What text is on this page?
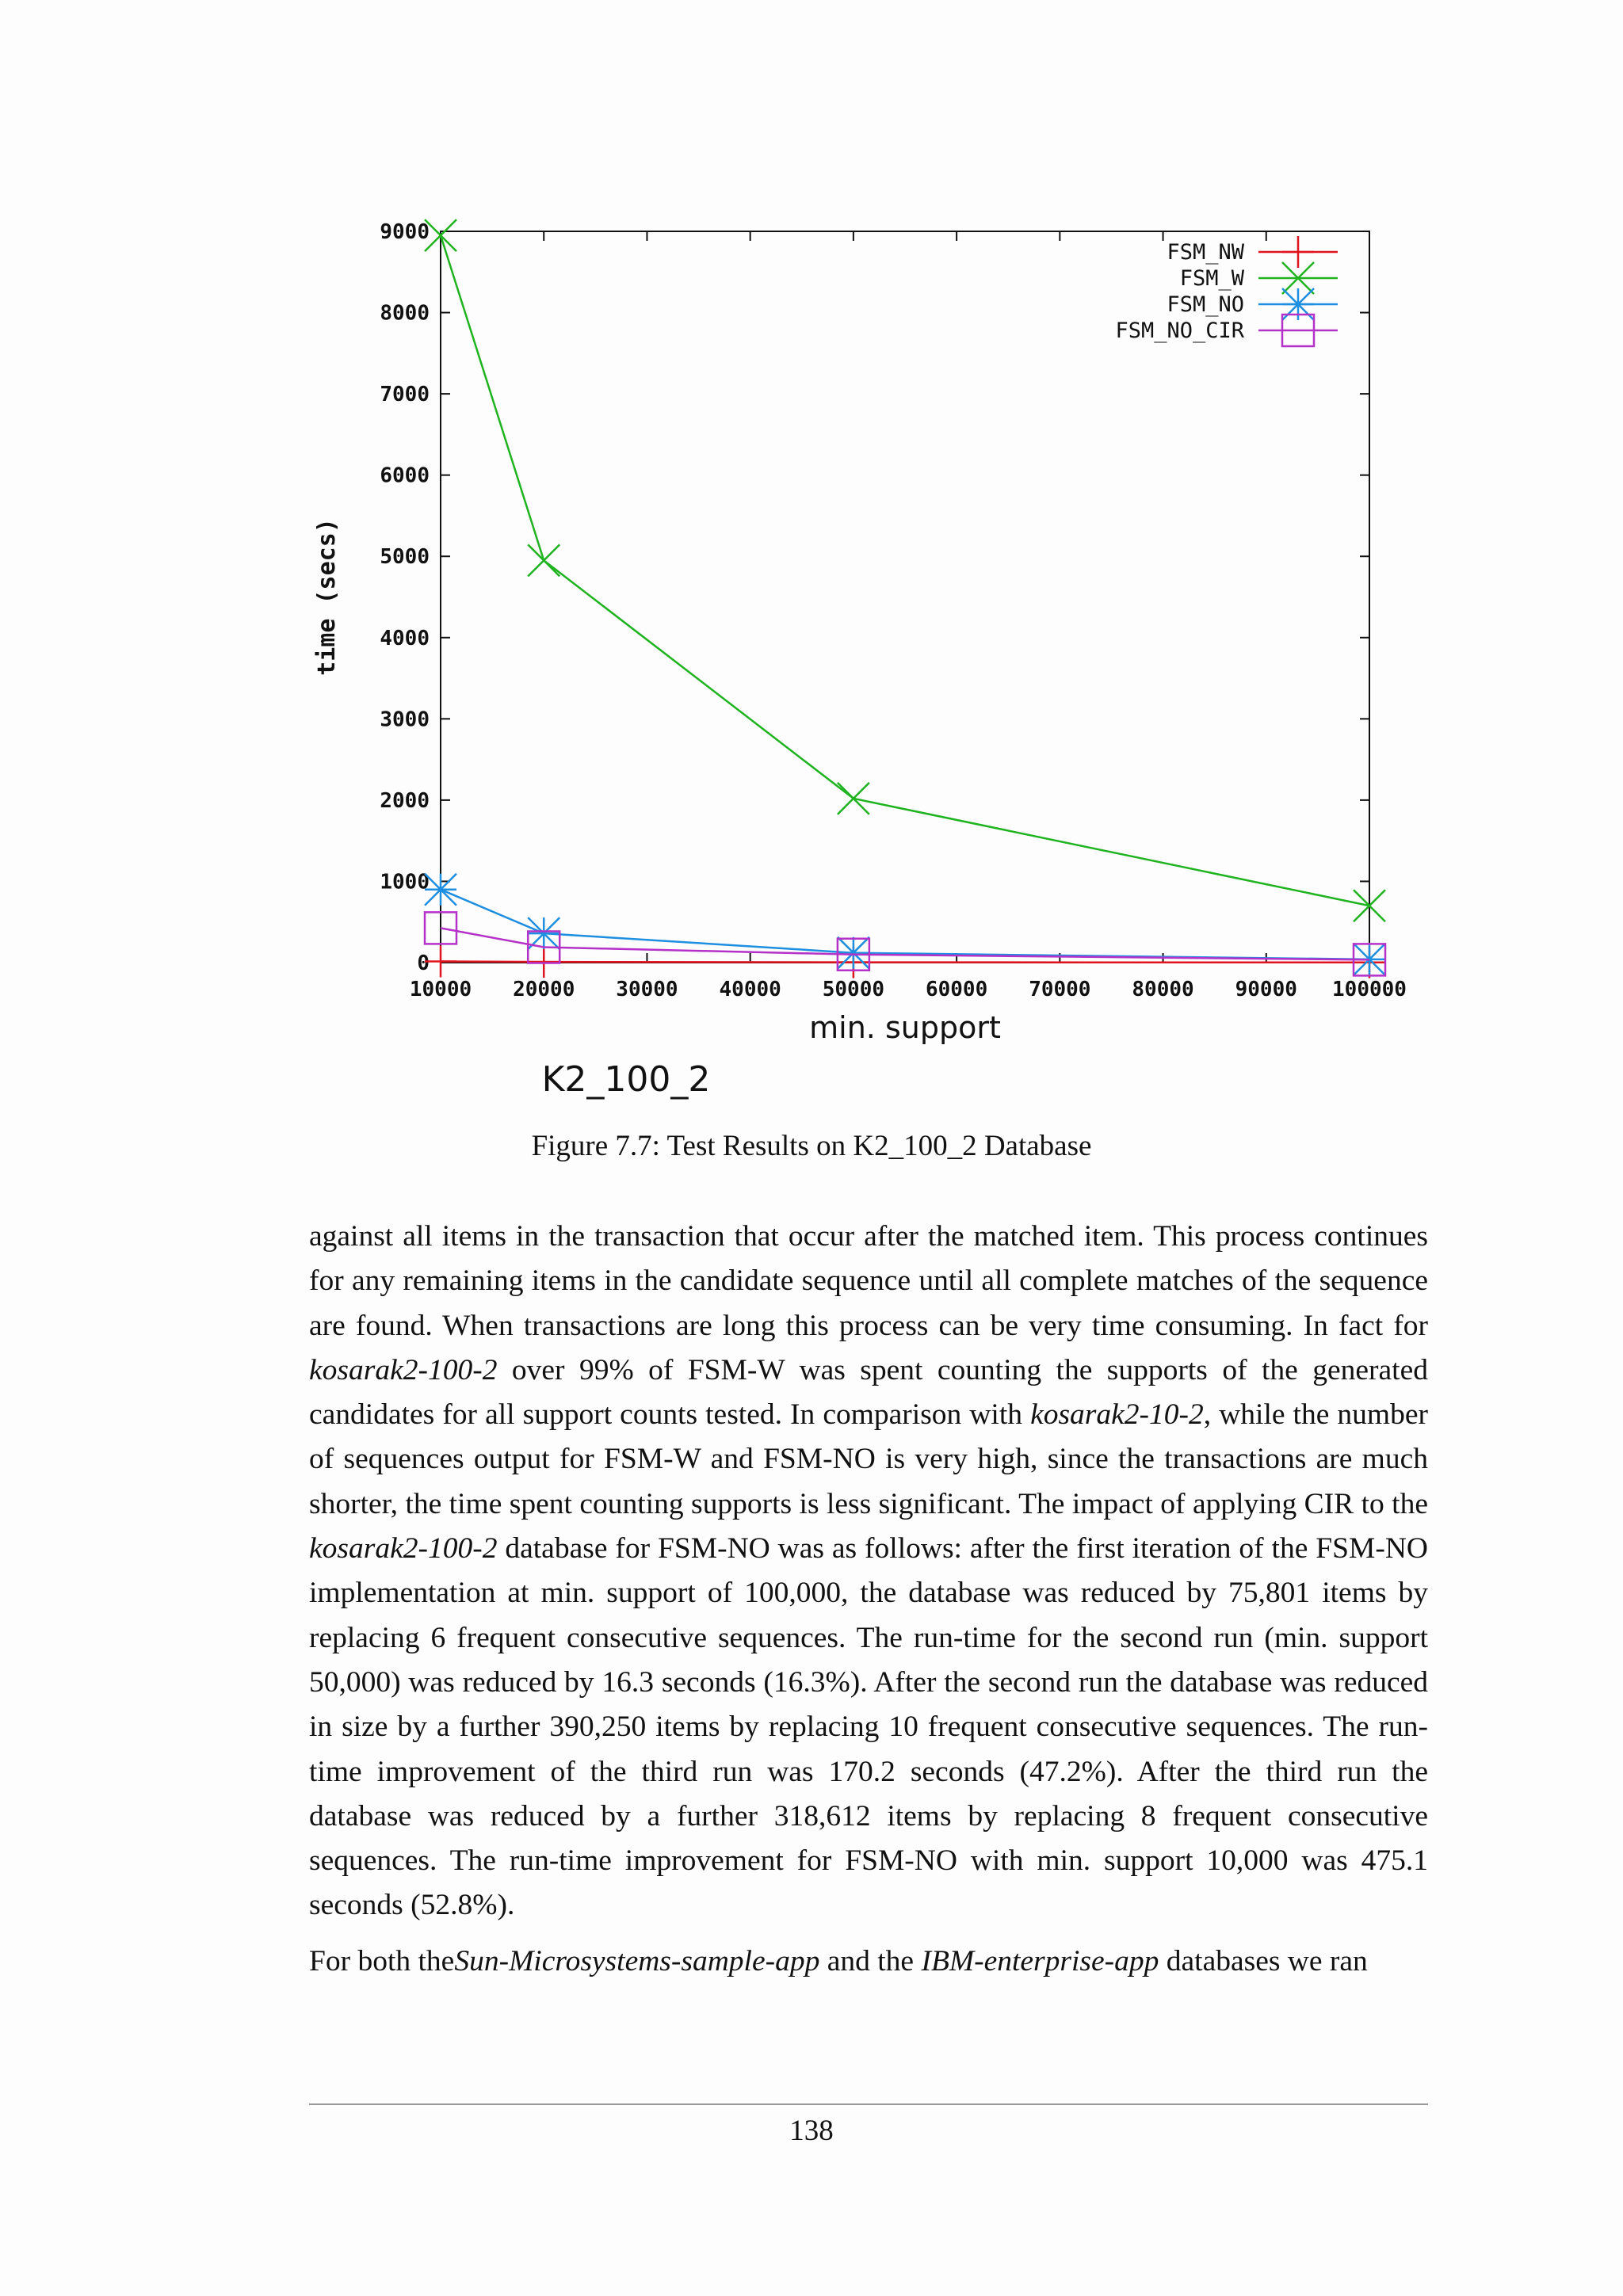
0
1000
2000
3000
4000
5000
6000
7000
8000
9000
10000 20000 30000 40000 50000 60000 70000 80000 90000 100000
min. support
time (secs)
K2_100_2
FSM_NW
FSM_W
FSM_NO
FSM_NO_CIR
Figure 7.7: Test Results on K2_100_2 Database

against all items in the transaction that occur after the matched item. This process continues for any remaining items in the candidate sequence until all complete matches of the sequence are found. When transactions are long this process can be very time consuming. In fact for kosarak2-100-2 over 99% of FSM-W was spent counting the supports of the generated candidates for all support counts tested. In comparison with kosarak2-10-2, while the number of sequences output for FSM-W and FSM-NO is very high, since the transactions are much shorter, the time spent counting supports is less significant. The impact of applying CIR to the kosarak2-100-2 database for FSM-NO was as follows: after the first iteration of the FSM-NO implementation at min. support of 100,000, the database was reduced by 75,801 items by replacing 6 frequent consecutive sequences. The run-time for the second run (min. support 50,000) was reduced by 16.3 seconds (16.3%). After the second run the database was reduced in size by a further 390,250 items by replacing 10 frequent consecutive sequences. The run-time improvement of the third run was 170.2 seconds (47.2%). After the third run the database was reduced by a further 318,612 items by replacing 8 frequent consecutive sequences. The run-time improvement for FSM-NO with min. support 10,000 was 475.1 seconds (52.8%).

For both theSun-Microsystems-sample-app and the IBM-enterprise-app databases we ran

138
